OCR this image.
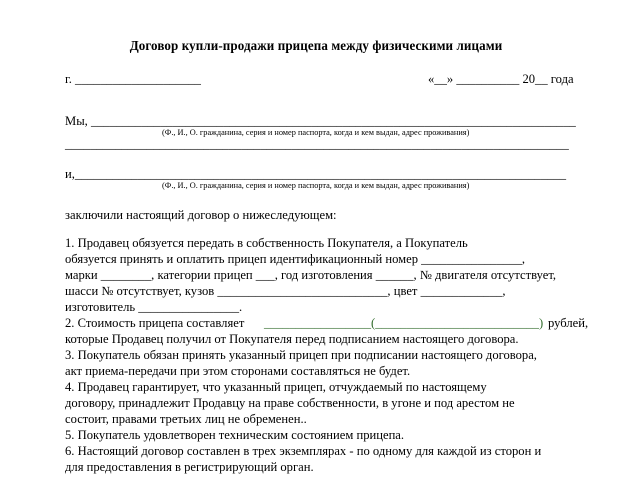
Договор купли-продажи прицепа между физическими лицами
г. ____________________	«__» __________ 20__ года
Мы, _____________________________________________________________________________
(Ф., И., О. гражданина, серия и номер паспорта, когда и кем выдан, адрес проживания)
________________________________________________________________________________
и,______________________________________________________________________________
(Ф., И., О. гражданина, серия и номер паспорта, когда и кем выдан, адрес проживания)
заключили настоящий договор о нижеследующем:
1. Продавец обязуется передать в собственность Покупателя, а Покупатель
обязуется принять и оплатить прицеп идентификационный номер ________________,
марки ________, категории прицеп ___, год изготовления ______, № двигателя отсутствует,
шасси № отсутствует, кузов ___________________________, цвет _____________,
изготовитель ________________.
2. Стоимость прицепа составляет _________________(__________________________) рублей,
которые Продавец получил от Покупателя перед подписанием настоящего договора.
3. Покупатель обязан принять указанный прицеп при подписании настоящего договора,
акт приема-передачи при этом сторонами составляться не будет.
4. Продавец гарантирует, что указанный прицеп, отчуждаемый по настоящему
договору, принадлежит Продавцу на праве собственности, в угоне и под арестом не
состоит, правами третьих лиц не обременен..
5. Покупатель удовлетворен техническим состоянием прицепа.
6. Настоящий договор составлен в трех экземплярах - по одному для каждой из сторон и
для предоставления в регистрирующий орган.
